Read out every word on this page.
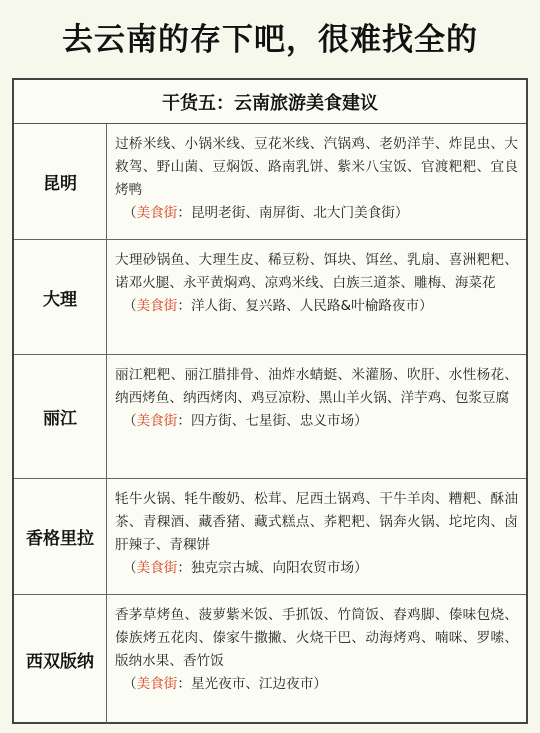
去云南的存下吧，很难找全的
干货五：云南旅游美食建议
昆明
过桥米线、小锅米线、豆花米线、汽锅鸡、老奶洋芋、炸昆虫、大救驾、野山菌、豆焖饭、路南乳饼、紫米八宝饭、官渡粑粑、宜良烤鸭
（美食街：昆明老街、南屏街、北大门美食街）
大理
大理砂锅鱼、大理生皮、稀豆粉、饵块、饵丝、乳扇、喜洲粑粑、诺邓火腿、永平黄焖鸡、凉鸡米线、白族三道茶、雕梅、海菜花
（美食街：洋人街、复兴路、人民路&叶榆路夜市）
丽江
丽江粑粑、丽江腊排骨、油炸水蜻蜓、米灌肠、吹肝、水性杨花、纳西烤鱼、纳西烤肉、鸡豆凉粉、黑山羊火锅、洋芋鸡、包浆豆腐
（美食街：四方街、七星街、忠义市场）
香格里拉
牦牛火锅、牦牛酸奶、松茸、尼西土锅鸡、干牛羊肉、糟粑、酥油茶、青稞酒、藏香猪、藏式糕点、荞粑粑、锅奔火锅、坨坨肉、卤肝辣子、青稞饼
（美食街：独克宗古城、向阳农贸市场）
西双版纳
香茅草烤鱼、菠萝紫米饭、手抓饭、竹筒饭、舂鸡脚、傣味包烧、傣族烤五花肉、傣家牛撒撇、火烧干巴、动海烤鸡、喃咪、罗嗦、版纳水果、香竹饭
（美食街：星光夜市、江边夜市）
